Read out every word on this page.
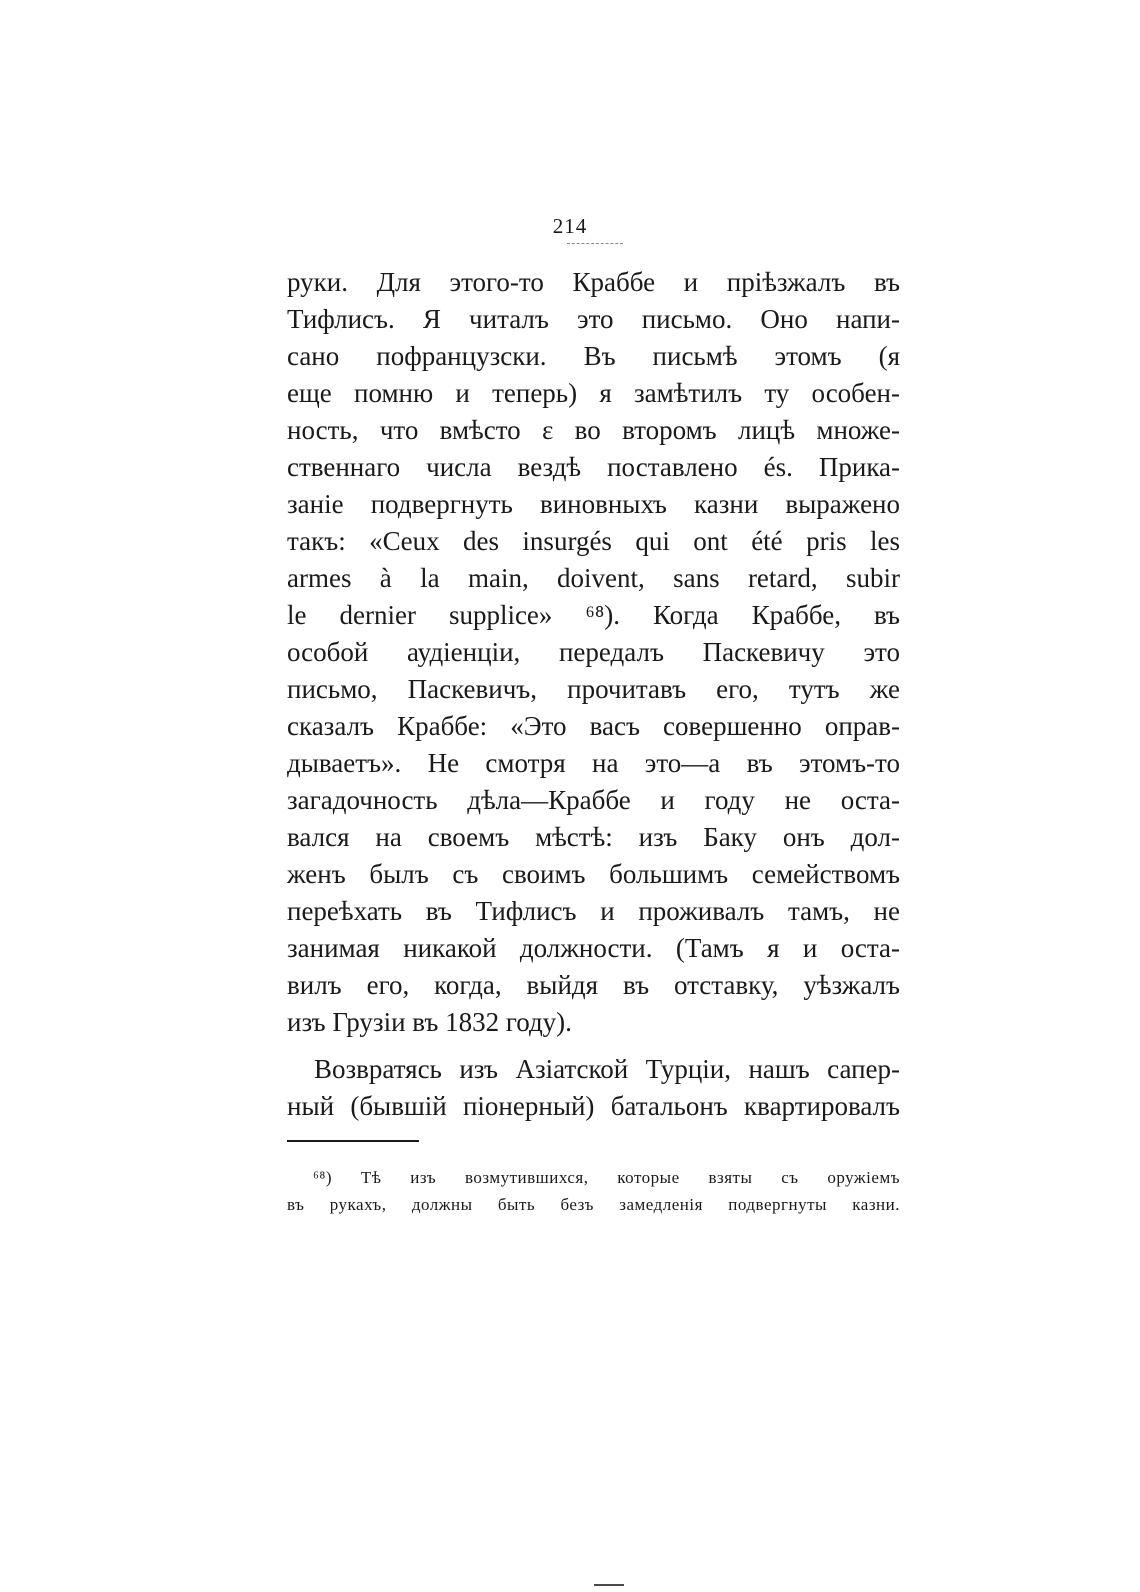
214
руки. Для этого-то Краббе и прiѣзжалъ въ
Тифлисъ. Я читалъ это письмо. Оно напи-
сано пофранцузски. Въ письмѣ этомъ (я
еще помню и теперь) я замѣтилъ ту особен-
ность, что вмѣсто ɛ во второмъ лицѣ множе-
ственнаго числа вездѣ поставлено és. Прика-
занiе подвергнуть виновныхъ казни выражено
такъ: «Ceux des insurgés qui ont été pris les
armes à la main, doivent, sans retard, subir
le dernier supplice» ⁶⁸). Когда Краббе, въ
особой аудiенцiи, передалъ Паскевичу это
письмо, Паскевичъ, прочитавъ его, тутъ же
сказалъ Краббе: «Это васъ совершенно оправ-
дываетъ». Не смотря на это—а въ этомъ-то
загадочность дѣла—Краббе и году не оста-
вался на своемъ мѣстѣ: изъ Баку онъ дол-
женъ былъ съ своимъ большимъ семействомъ
переѣхать въ Тифлисъ и проживалъ тамъ, не
занимая никакой должности. (Тамъ я и оста-
вилъ его, когда, выйдя въ отставку, уѣзжалъ
изъ Грузiи въ 1832 году).
Возвратясь изъ Азiатской Турцiи, нашъ сапер-
ный (бывшiй пiонерный) батальонъ квартировалъ
⁶⁸) Тѣ изъ возмутившихся, которые взяты съ оружiемъ
въ рукахъ, должны быть безъ замедленiя подвергнуты казни.
